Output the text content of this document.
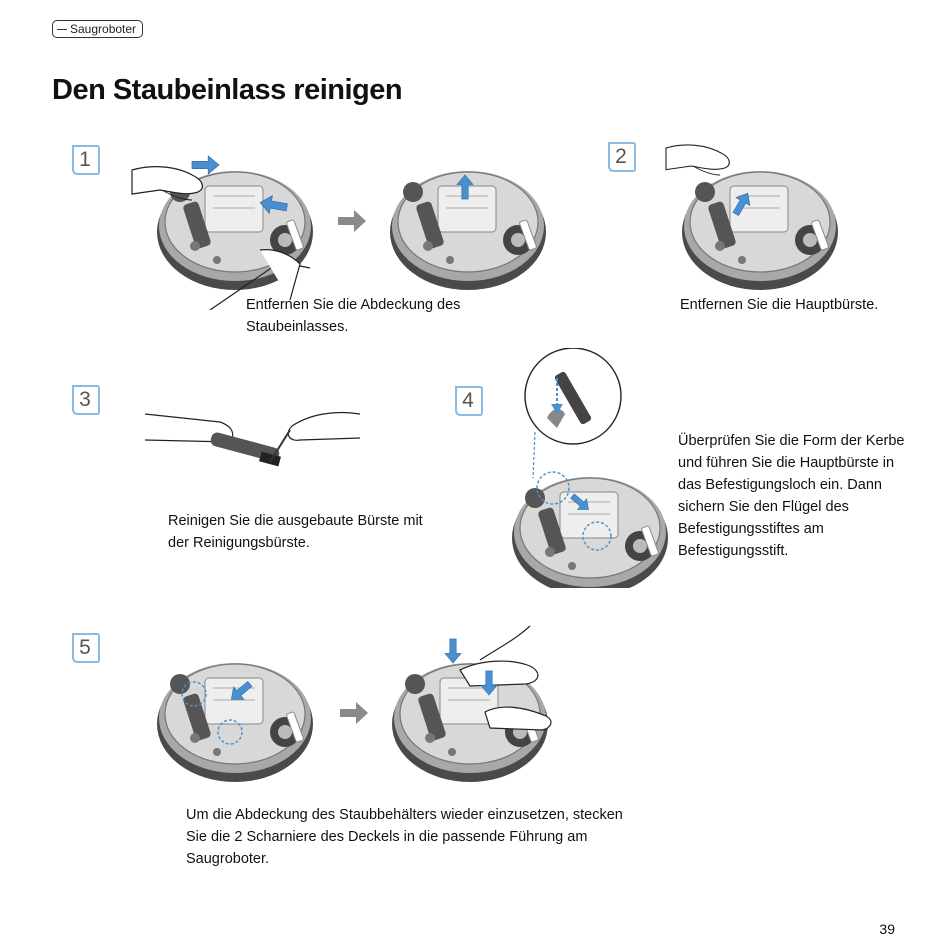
Saugroboter
Den Staubeinlass reinigen
1

Entfernen Sie die Abdeckung des Staubeinlasses.

2

Entfernen Sie die Hauptbürste.

3

Reinigen Sie die ausgebaute Bürste mit der Reinigungsbürste.

4

Überprüfen Sie die Form der Kerbe und führen Sie die Hauptbürste in das Befestigungsloch ein. Dann sichern Sie den Flügel des Befestigungsstiftes am Befestigungsstift.

5

Um die Abdeckung des Staubbehälters wieder einzusetzen, stecken Sie die 2 Scharniere des Deckels in die passende Führung am Saugroboter.

39
